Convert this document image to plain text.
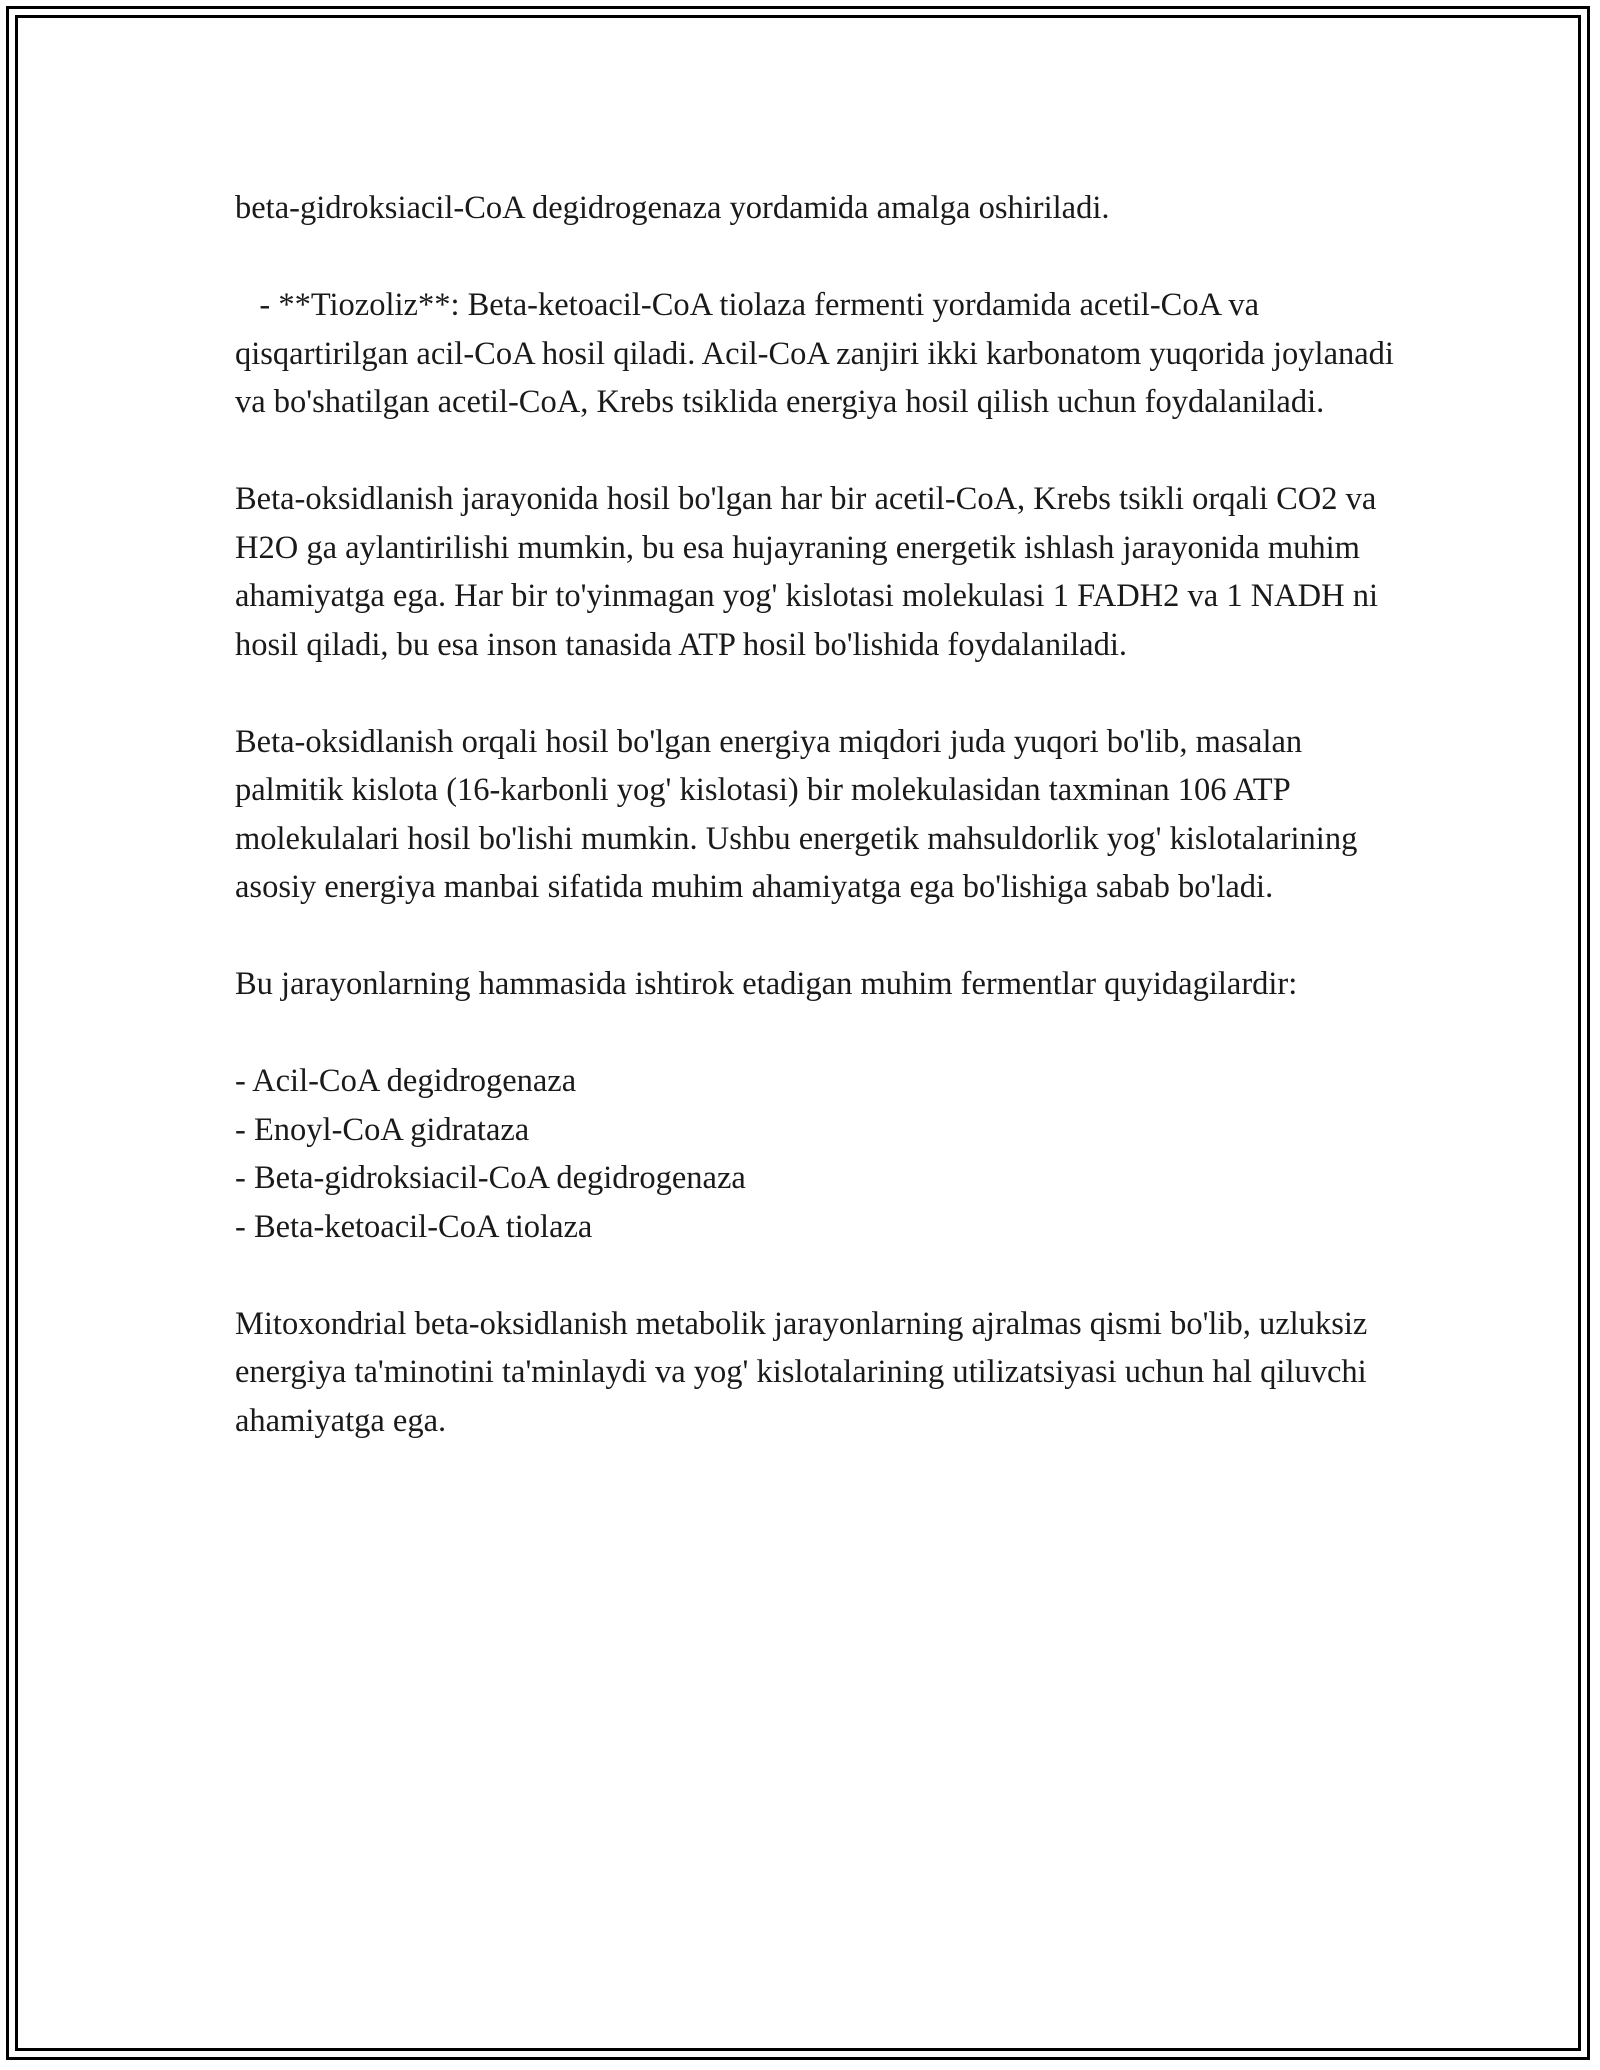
beta-gidroksiacil-CoA degidrogenaza yordamida amalga oshiriladi.

- **Tiozoliz**: Beta-ketoacil-CoA tiolaza fermenti yordamida acetil-CoA va qisqartirilgan acil-CoA hosil qiladi. Acil-CoA zanjiri ikki karbonatom yuqorida joylanadi va bo'shatilgan acetil-CoA, Krebs tsiklida energiya hosil qilish uchun foydalaniladi.

Beta-oksidlanish jarayonida hosil bo'lgan har bir acetil-CoA, Krebs tsikli orqali CO2 va H2O ga aylantirilishi mumkin, bu esa hujayraning energetik ishlash jarayonida muhim ahamiyatga ega. Har bir to'yinmagan yog' kislotasi molekulasi 1 FADH2 va 1 NADH ni hosil qiladi, bu esa inson tanasida ATP hosil bo'lishida foydalaniladi.

Beta-oksidlanish orqali hosil bo'lgan energiya miqdori juda yuqori bo'lib, masalan palmitik kislota (16-karbonli yog' kislotasi) bir molekulasidan taxminan 106 ATP molekulalari hosil bo'lishi mumkin. Ushbu energetik mahsuldorlik yog' kislotalarining asosiy energiya manbai sifatida muhim ahamiyatga ega bo'lishiga sabab bo'ladi.

Bu jarayonlarning hammasida ishtirok etadigan muhim fermentlar quyidagilardir:

- Acil-CoA degidrogenaza
- Enoyl-CoA gidrataza
- Beta-gidroksiacil-CoA degidrogenaza
- Beta-ketoacil-CoA tiolaza

Mitoxondrial beta-oksidlanish metabolik jarayonlarning ajralmas qismi bo'lib, uzluksiz energiya ta'minotini ta'minlaydi va yog' kislotalarining utilizatsiyasi uchun hal qiluvchi ahamiyatga ega.
